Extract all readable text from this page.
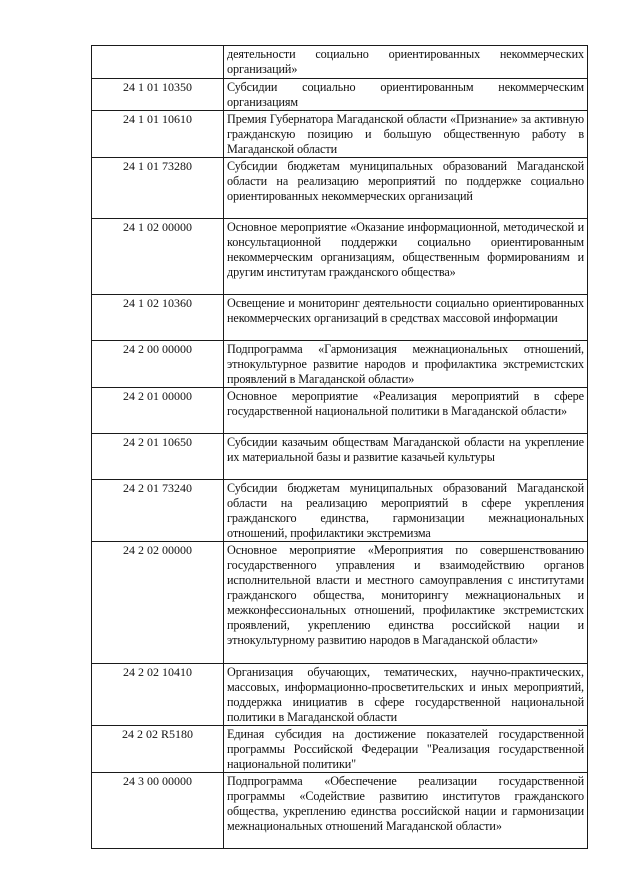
	деятельности социально ориентированных некоммерческих организаций»
24 1 01 10350	Субсидии социально ориентированным некоммерческим организациям
24 1 01 10610	Премия Губернатора Магаданской области «Признание» за активную гражданскую позицию и большую общественную работу в Магаданской области
24 1 01 73280	Субсидии бюджетам муниципальных образований Магаданской области на реализацию мероприятий по поддержке социально ориентированных некоммерческих организаций
24 1 02 00000	Основное мероприятие «Оказание информационной, методической и консультационной поддержки социально ориентированным некоммерческим организациям, общественным формированиям и другим институтам гражданского общества»
24 1 02 10360	Освещение и мониторинг деятельности социально ориентированных некоммерческих организаций в средствах массовой информации
24 2 00 00000	Подпрограмма «Гармонизация межнациональных отношений, этнокультурное развитие народов и профилактика экстремистских проявлений в Магаданской области»
24 2 01 00000	Основное мероприятие «Реализация мероприятий в сфере государственной национальной политики в Магаданской области»
24 2 01 10650	Субсидии казачьим обществам Магаданской области на укрепление их материальной базы и развитие казачьей культуры
24 2 01 73240	Субсидии бюджетам муниципальных образований Магаданской области на реализацию мероприятий в сфере укрепления гражданского единства, гармонизации межнациональных отношений, профилактики экстремизма
24 2 02 00000	Основное мероприятие «Мероприятия по совершенствованию государственного управления и взаимодействию органов исполнительной власти и местного самоуправления с институтами гражданского общества, мониторингу межнациональных и межконфессиональных отношений, профилактике экстремистских проявлений, укреплению единства российской нации и этнокультурному развитию народов в Магаданской области»
24 2 02 10410	Организация обучающих, тематических, научно-практических, массовых, информационно-просветительских и иных мероприятий, поддержка инициатив в сфере государственной национальной политики в Магаданской области
24 2 02 R5180	Единая субсидия на достижение показателей государственной программы Российской Федерации "Реализация государственной национальной политики"
24 3 00 00000	Подпрограмма «Обеспечение реализации государственной программы «Содействие развитию институтов гражданского общества, укреплению единства российской нации и гармонизации межнациональных отношений Магаданской области»
